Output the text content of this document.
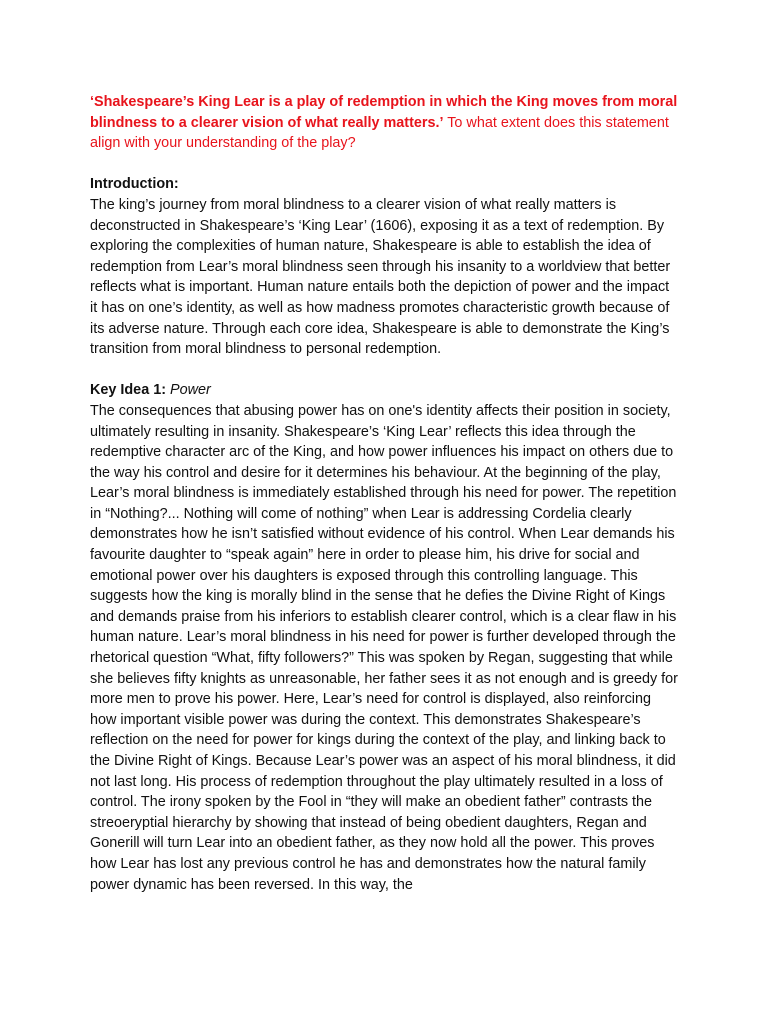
‘Shakespeare’s King Lear is a play of redemption in which the King moves from moral blindness to a clearer vision of what really matters.’ To what extent does this statement align with your understanding of the play?

Introduction:

The king’s journey from moral blindness to a clearer vision of what really matters is deconstructed in Shakespeare’s ‘King Lear’ (1606), exposing it as a text of redemption. By exploring the complexities of human nature, Shakespeare is able to establish the idea of redemption from Lear’s moral blindness seen through his insanity to a worldview that better reflects what is important. Human nature entails both the depiction of power and the impact it has on one’s identity, as well as how madness promotes characteristic growth because of its adverse nature. Through each core idea, Shakespeare is able to demonstrate the King’s transition from moral blindness to personal redemption.

Key Idea 1: Power

The consequences that abusing power has on one's identity affects their position in society, ultimately resulting in insanity. Shakespeare’s ‘King Lear’ reflects this idea through the redemptive character arc of the King, and how power influences his impact on others due to the way his control and desire for it determines his behaviour. At the beginning of the play, Lear’s moral blindness is immediately established through his need for power. The repetition in “Nothing?... Nothing will come of nothing” when Lear is addressing Cordelia clearly demonstrates how he isn’t satisfied without evidence of his control. When Lear demands his favourite daughter to “speak again” here in order to please him, his drive for social and emotional power over his daughters is exposed through this controlling language. This suggests how the king is morally blind in the sense that he defies the Divine Right of Kings and demands praise from his inferiors to establish clearer control, which is a clear flaw in his human nature. Lear’s moral blindness in his need for power is further developed through the rhetorical question “What, fifty followers?” This was spoken by Regan, suggesting that while she believes fifty knights as unreasonable, her father sees it as not enough and is greedy for more men to prove his power. Here, Lear’s need for control is displayed, also reinforcing how important visible power was during the context. This demonstrates Shakespeare’s reflection on the need for power for kings during the context of the play, and linking back to the Divine Right of Kings. Because Lear’s power was an aspect of his moral blindness, it did not last long. His process of redemption throughout the play ultimately resulted in a loss of control. The irony spoken by the Fool in “they will make an obedient father” contrasts the streoeryptial hierarchy by showing that instead of being obedient daughters, Regan and Gonerill will turn Lear into an obedient father, as they now hold all the power. This proves how Lear has lost any previous control he has and demonstrates how the natural family power dynamic has been reversed. In this way, the
